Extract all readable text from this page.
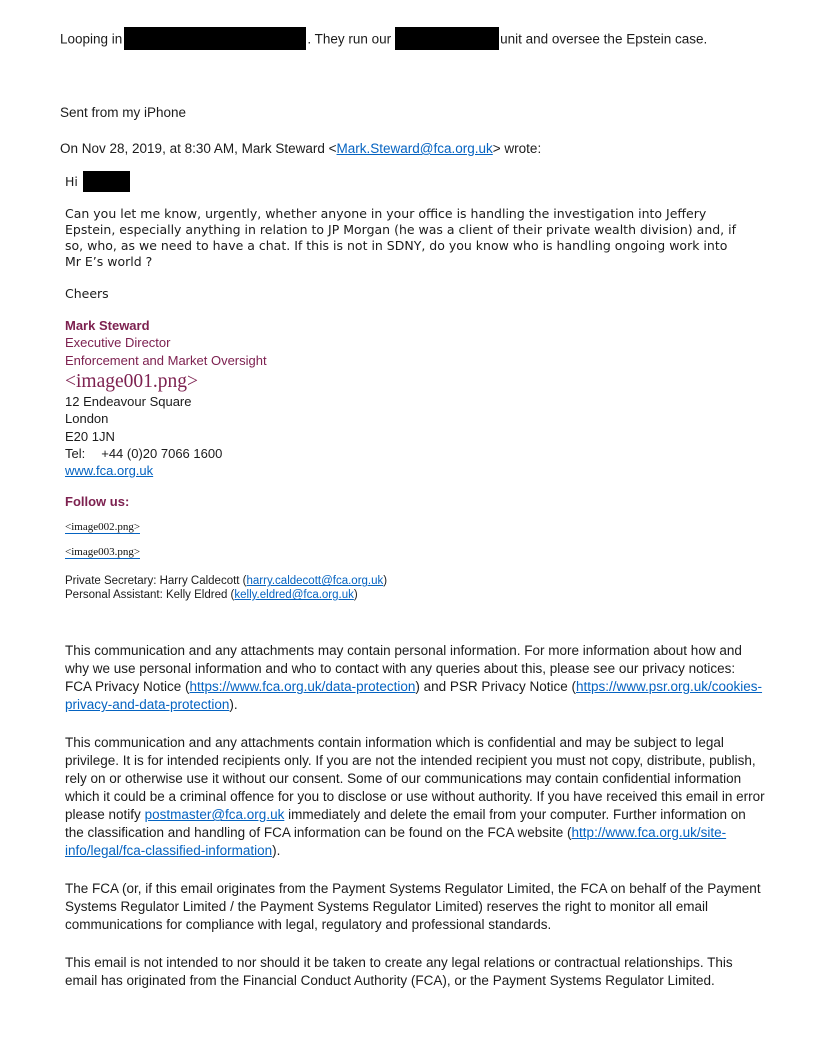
Looping in	. They run our	unit and oversee the Epstein case.

Sent from my iPhone

On Nov 28, 2019, at 8:30 AM, Mark Steward <Mark.Steward@fca.org.uk> wrote:

Hi

Can you let me know, urgently, whether anyone in your office is handling the investigation into Jeffery Epstein, especially anything in relation to JP Morgan (he was a client of their private wealth division) and, if so, who, as we need to have a chat. If this is not in SDNY, do you know who is handling ongoing work into Mr E’s world ?

Cheers

Mark Steward
Executive Director
Enforcement and Market Oversight

<image001.png>

12 Endeavour Square
London
E20 1JN
Tel: +44 (0)20 7066 1600
www.fca.org.uk

Follow us:

<image002.png>

<image003.png>

Private Secretary: Harry Caldecott (harry.caldecott@fca.org.uk)
Personal Assistant: Kelly Eldred (kelly.eldred@fca.org.uk)

This communication and any attachments may contain personal information. For more information about how and why we use personal information and who to contact with any queries about this, please see our privacy notices: FCA Privacy Notice (https://www.fca.org.uk/data-protection) and PSR Privacy Notice (https://www.psr.org.uk/cookies-privacy-and-data-protection).

This communication and any attachments contain information which is confidential and may be subject to legal privilege. It is for intended recipients only. If you are not the intended recipient you must not copy, distribute, publish, rely on or otherwise use it without our consent. Some of our communications may contain confidential information which it could be a criminal offence for you to disclose or use without authority. If you have received this email in error please notify postmaster@fca.org.uk immediately and delete the email from your computer. Further information on the classification and handling of FCA information can be found on the FCA website (http://www.fca.org.uk/site-info/legal/fca-classified-information).

The FCA (or, if this email originates from the Payment Systems Regulator Limited, the FCA on behalf of the Payment Systems Regulator Limited / the Payment Systems Regulator Limited) reserves the right to monitor all email communications for compliance with legal, regulatory and professional standards.

This email is not intended to nor should it be taken to create any legal relations or contractual relationships. This email has originated from the Financial Conduct Authority (FCA), or the Payment Systems Regulator Limited.
